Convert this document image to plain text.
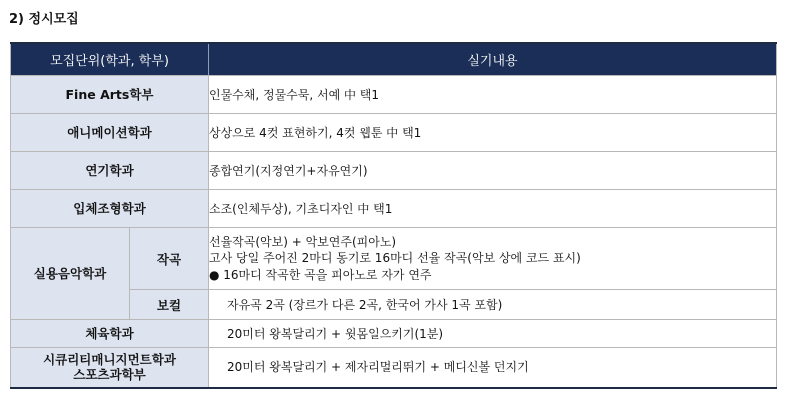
2) 정시모집
모집단위(학과, 학부)		실기내용
Fine Arts학부		인물수채, 정물수묵, 서예 中 택1
애니메이션학과		상상으로 4컷 표현하기, 4컷 웹툰 中 택1
연기학과		종합연기(지정연기+자유연기)
입체조형학과		소조(인체두상), 기초디자인 中 택1
실용음악학과	작곡	선율작곡(악보) + 악보연주(피아노)
고사 당일 주어진 2마디 동기로 16마디 선율 작곡(악보 상에 코드 표시)
● 16마디 작곡한 곡을 피아노로 자가 연주

	보컬	자유곡 2곡 (장르가 다른 2곡, 한국어 가사 1곡 포함)
체육학과		20미터 왕복달리기 + 윗몸일으키기(1분)

시큐리티매니지먼트학과
스포츠과학부		20미터 왕복달리기 + 제자리멀리뛰기 + 메디신볼 던지기
